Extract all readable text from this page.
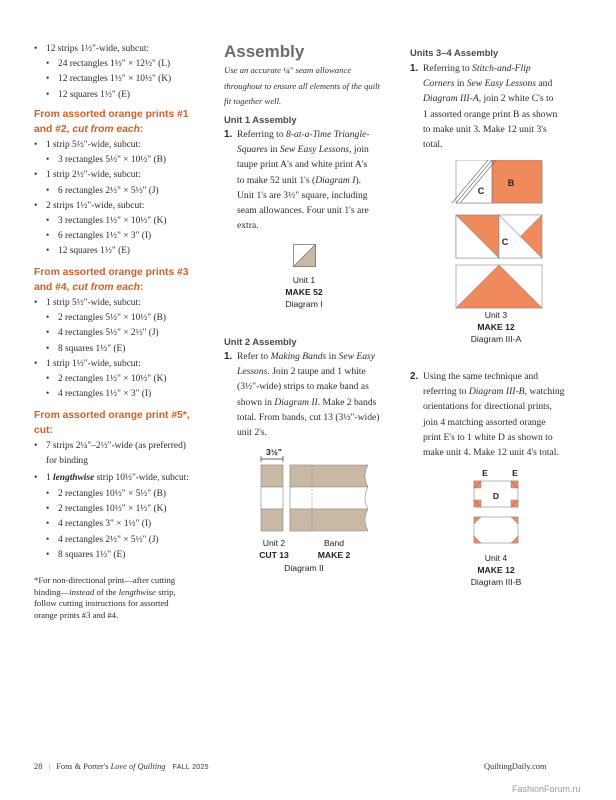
• 12 strips 1½"-wide, subcut:
• 24 rectangles 1½" × 12½" (L)
• 12 rectangles 1½" × 10½" (K)
• 12 squares 1½" (E)
From assorted orange prints #1
and #2, cut from each:
• 1 strip 5½"-wide, subcut:
• 3 rectangles 5½" × 10½" (B)
• 1 strip 2½"-wide, subcut:
• 6 rectangles 2½" × 5½" (J)
• 2 strips 1½"-wide, subcut:
• 3 rectangles 1½" × 10½" (K)
• 6 rectangles 1½" × 3" (I)
• 12 squares 1½" (E)
From assorted orange prints #3
and #4, cut from each:
• 1 strip 5½"-wide, subcut:
• 2 rectangles 5½" × 10½" (B)
• 4 rectangles 5½" × 2½" (J)
• 8 squares 1½" (E)
• 1 strip 1½"-wide, subcut:
• 2 rectangles 1½" × 10½" (K)
• 4 rectangles 1½" × 3" (I)
From assorted orange print #5*,
cut:
• 7 strips 2¼"–2½"-wide (as preferred)
for binding
• 1 lengthwise strip 10½"-wide, subcut:
• 2 rectangles 10½" × 5½" (B)
• 2 rectangles 10½" × 1½" (K)
• 4 rectangles 3" × 1½" (I)
• 4 rectangles 2½" × 5½" (J)
• 8 squares 1½" (E)
*For non-directional print—after cutting
binding—instead of the lengthwise strip,
follow cutting instructions for assorted
orange prints #3 and #4.
Assembly
Use an accurate ¼" seam allowance
throughout to ensure all elements of the quilt
fit together well.
Unit 1 Assembly
1. Referring to 8-at-a-Time Triangle-
Squares in Sew Easy Lessons, join
taupe print A's and white print A's
to make 52 unit 1's (Diagram I).
Unit 1's are 3½" square, including
seam allowances. Four unit 1's are
extra.
Unit 1
MAKE 52
Diagram I
Unit 2 Assembly
1. Refer to Making Bands in Sew Easy
Lessons. Join 2 taupe and 1 white
(3½"-wide) strips to make band as
shown in Diagram II. Make 2 bands
total. From bands, cut 13 (3½"-wide)
unit 2's.
3½"
Unit 2
CUT 13
Band
MAKE 2
Diagram II
Units 3–4 Assembly
1. Referring to Stitch-and-Flip
Corners in Sew Easy Lessons and
Diagram III-A, join 2 white C's to
1 assorted orange print B as shown
to make unit 3. Make 12 unit 3's
total.
C
B
C
Unit 3
MAKE 12
Diagram III-A
2. Using the same technique and
referring to Diagram III-B, watching
orientations for directional prints,
join 4 matching assorted orange
print E's to 1 white D as shown to
make unit 4. Make 12 unit 4's total.
E	E
D
Unit 4
MAKE 12
Diagram III-B
28 | Fons & Porter's Love of Quilting FALL 2025	QuiltingDaily.com
FashionForum.ru
